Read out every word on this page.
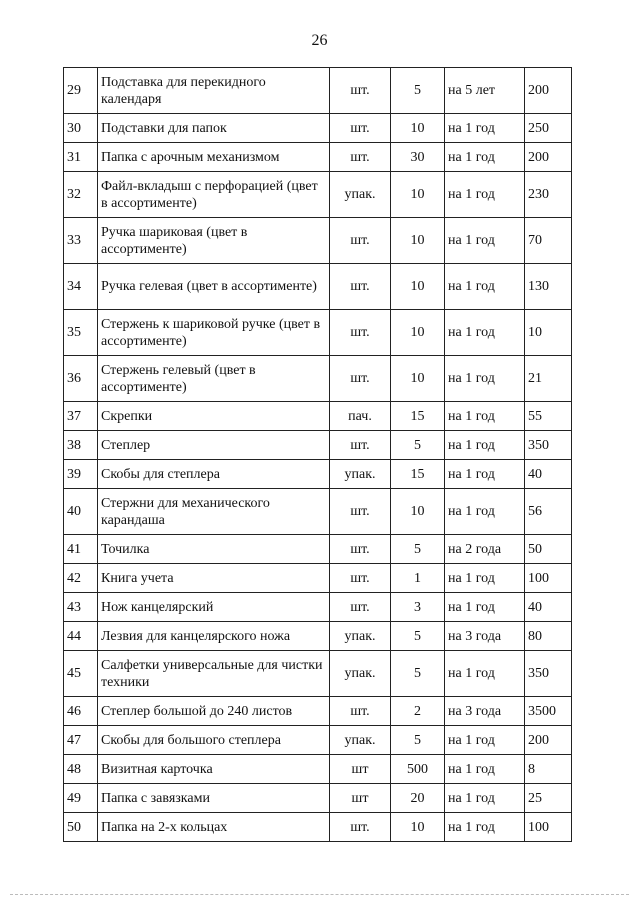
26
29	Подставка для перекидного календаря	шт.	5	на 5 лет	200
30	Подставки для папок	шт.	10	на 1 год	250
31	Папка с арочным механизмом	шт.	30	на 1 год	200
32	Файл-вкладыш с перфорацией (цвет в ассортименте)	упак.	10	на 1 год	230
33	Ручка шариковая (цвет в ассортименте)	шт.	10	на 1 год	70
34	Ручка гелевая (цвет в ассортименте)	шт.	10	на 1 год	130
35	Стержень к шариковой ручке (цвет в ассортименте)	шт.	10	на 1 год	10
36	Стержень гелевый (цвет в ассортименте)	шт.	10	на 1 год	21
37	Скрепки	пач.	15	на 1 год	55
38	Степлер	шт.	5	на 1 год	350
39	Скобы для степлера	упак.	15	на 1 год	40
40	Стержни для механического карандаша	шт.	10	на 1 год	56
41	Точилка	шт.	5	на 2 года	50
42	Книга учета	шт.	1	на 1 год	100
43	Нож канцелярский	шт.	3	на 1 год	40
44	Лезвия для канцелярского ножа	упак.	5	на 3 года	80
45	Салфетки универсальные для чистки техники	упак.	5	на 1 год	350
46	Степлер большой до 240 листов	шт.	2	на 3 года	3500
47	Скобы для большого степлера	упак.	5	на 1 год	200
48	Визитная карточка	шт	500	на 1 год	8
49	Папка с завязками	шт	20	на 1 год	25
50	Папка на 2-х кольцах	шт.	10	на 1 год	100
